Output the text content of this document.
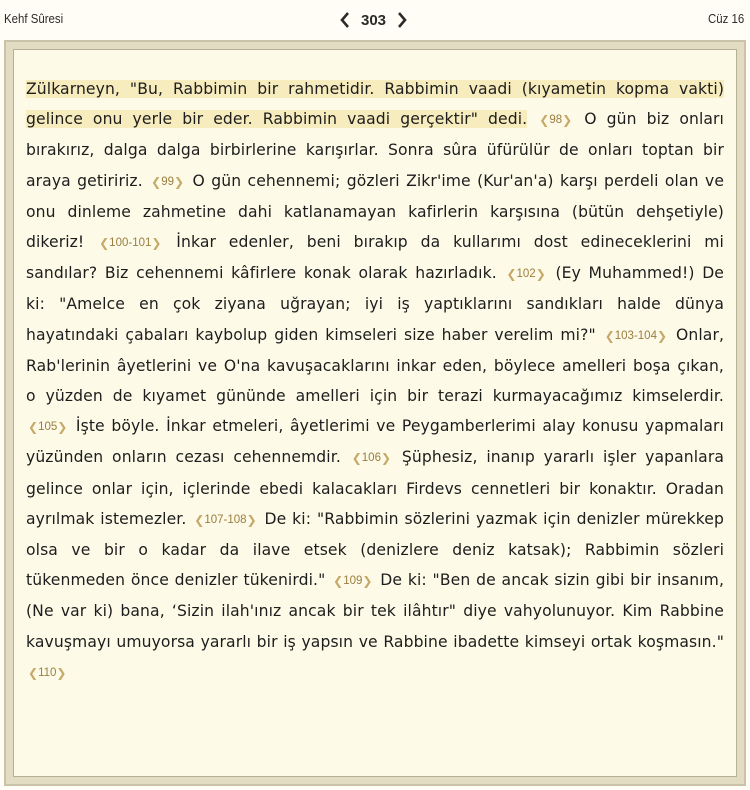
Kehf Sûresi	303	Cüz 16
Zülkarneyn, "Bu, Rabbimin bir rahmetidir. Rabbimin vaadi (kıyametin kopma vakti) gelince onu yerle bir eder. Rabbimin vaadi gerçektir" dedi. ❮ 98 ❯ O gün biz onları bırakırız, dalga dalga birbirlerine karışırlar. Sonra sûra üfürülür de onları toptan bir araya getiririz. ❮ 99 ❯ O gün cehennemi; gözleri Zikr'ime (Kur'an'a) karşı perdeli olan ve onu dinleme zahmetine dahi katlanamayan kafirlerin karşısına (bütün dehşetiyle) dikeriz! ❮ 100-101 ❯ İnkar edenler, beni bırakıp da kullarımı dost edineceklerini mi sandılar? Biz cehennemi kâfirlere konak olarak hazırladık. ❮ 102 ❯ (Ey Muhammed!) De ki: "Amelce en çok ziyana uğrayan; iyi iş yaptıklarını sandıkları halde dünya hayatındaki çabaları kaybolup giden kimseleri size haber verelim mi?" ❮ 103-104 ❯ Onlar, Rab'lerinin âyetlerini ve O'na kavuşacaklarını inkar eden, böylece amelleri boşa çıkan, o yüzden de kıyamet gününde amelleri için bir terazi kurmayacağımız kimselerdir.
❮ 105 ❯ İşte böyle. İnkar etmeleri, âyetlerimi ve Peygamberlerimi alay konusu yapmaları yüzünden onların cezası cehennemdir. ❮ 106 ❯ Şüphesiz, inanıp yararlı işler yapanlara gelince onlar için, içlerinde ebedi kalacakları Firdevs cennetleri bir konaktır. Oradan ayrılmak istemezler. ❮ 107-108 ❯ De ki: "Rabbimin sözlerini yazmak için denizler mürekkep olsa ve bir o kadar da ilave etsek (denizlere deniz katsak); Rabbimin sözleri tükenmeden önce denizler tükenirdi." ❮ 109 ❯ De ki: "Ben de ancak sizin gibi bir insanım, (Ne var ki) bana, ‘Sizin ilah'ınız ancak bir tek ilâhtır" diye vahyolunuyor. Kim Rabbine kavuşmayı umuyorsa yararlı bir iş yapsın ve Rabbine ibadette kimseyi ortak koşmasın."
❮ 110 ❯
